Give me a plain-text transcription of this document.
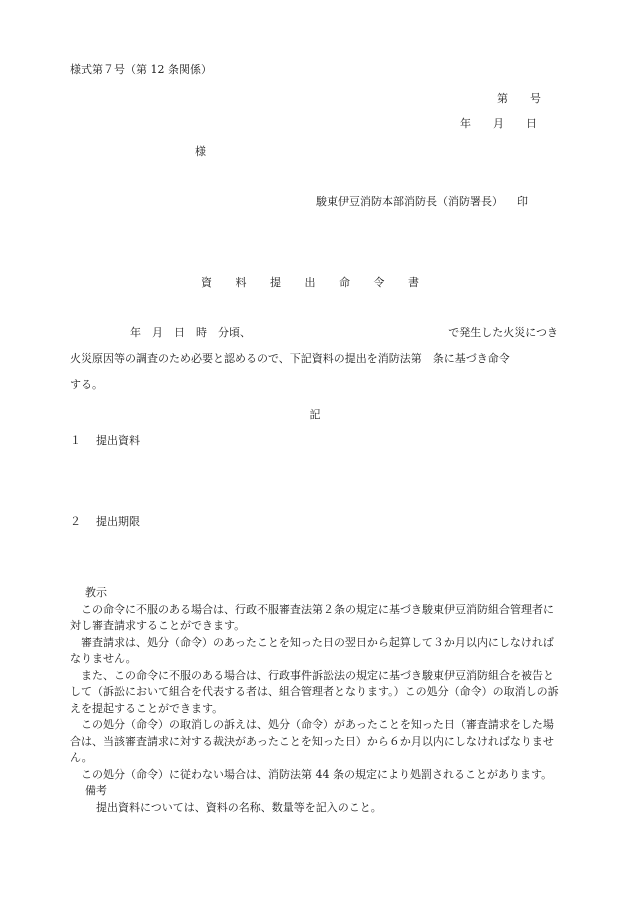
様式第７号（第 12 条関係）
第　　号
年　　月　　日
様
駿東伊豆消防本部消防長（消防署長） 印
資 料 提 出 命 令 書
年　月　日　時　分頃、	で発生した火災につき
火災原因等の調査のため必要と認めるので、下記資料の提出を消防法第　条に基づき命令
する。
記
１ 提出資料
２ 提出期限
教示
この命令に不服のある場合は、行政不服審査法第２条の規定に基づき駿東伊豆消防組合管理者に対し審査請求することができます。
審査請求は、処分（命令）のあったことを知った日の翌日から起算して３か月以内にしなければなりません。
また、この命令に不服のある場合は、行政事件訴訟法の規定に基づき駿東伊豆消防組合を被告として（訴訟において組合を代表する者は、組合管理者となります。）この処分（命令）の取消しの訴えを提起することができます。
この処分（命令）の取消しの訴えは、処分（命令）があったことを知った日（審査請求をした場合は、当該審査請求に対する裁決があったことを知った日）から６か月以内にしなければなりません。
この処分（命令）に従わない場合は、消防法第 44 条の規定により処罰されることがあります。
備考
提出資料については、資料の名称、数量等を記入のこと。
